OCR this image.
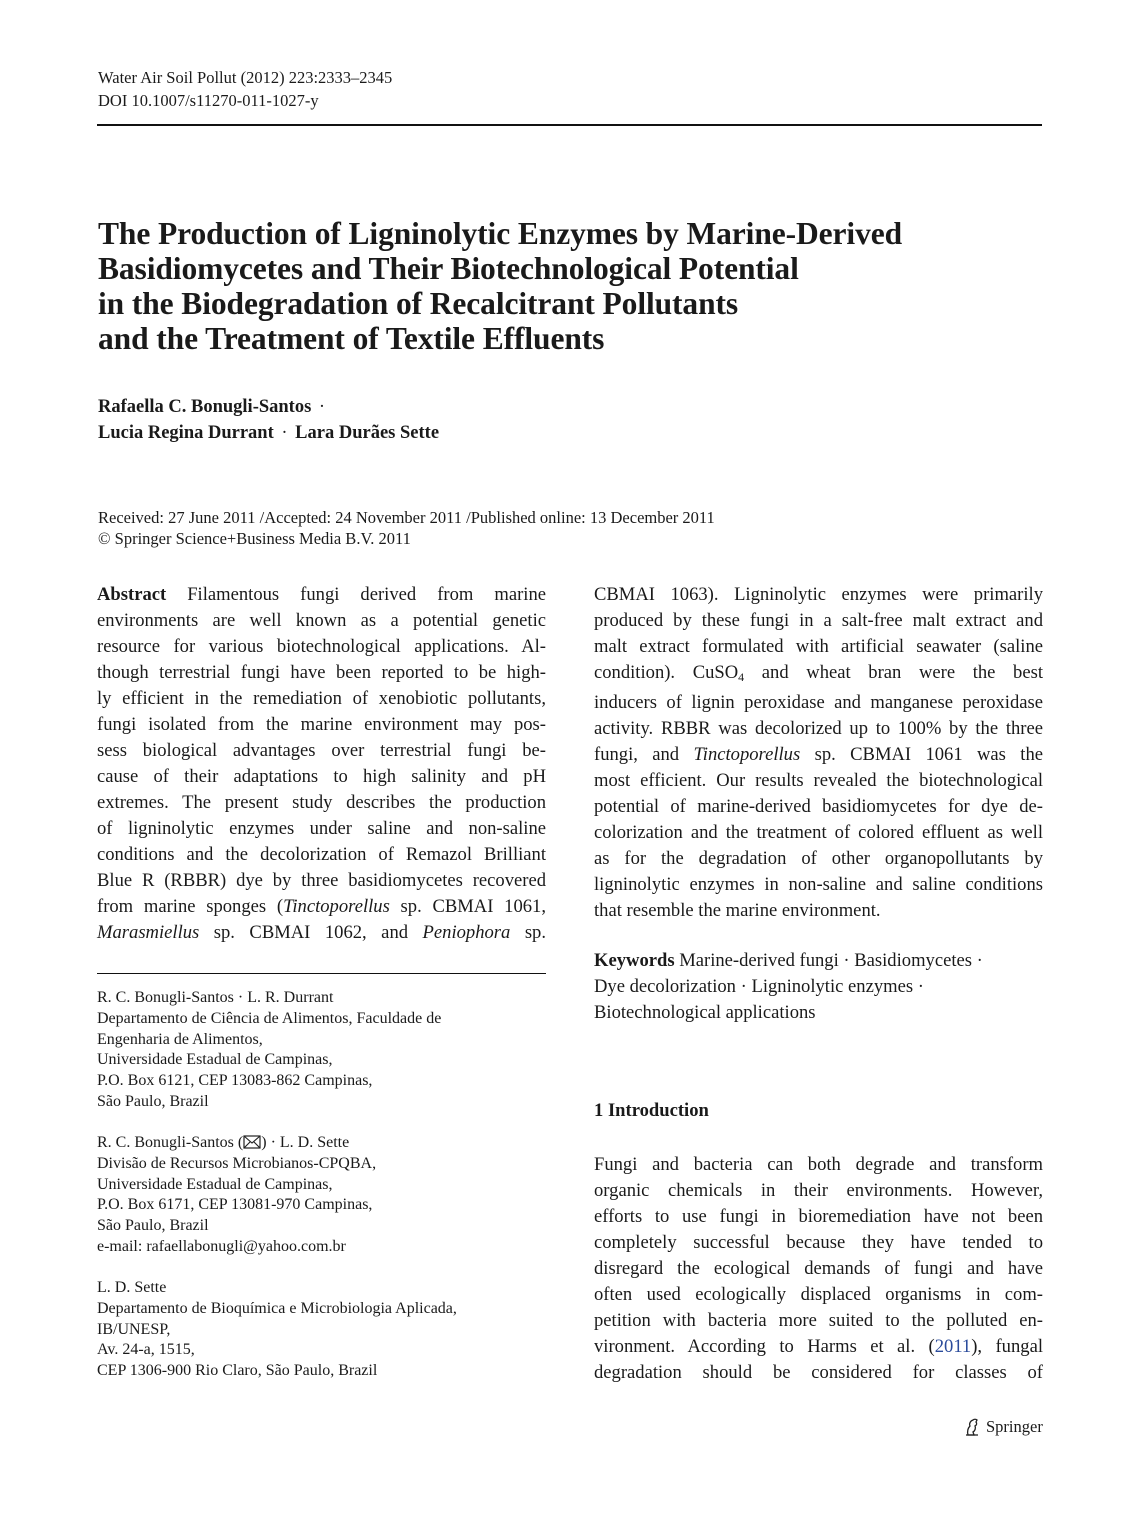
Water Air Soil Pollut (2012) 223:2333–2345
DOI 10.1007/s11270-011-1027-y
The Production of Ligninolytic Enzymes by Marine-Derived
Basidiomycetes and Their Biotechnological Potential
in the Biodegradation of Recalcitrant Pollutants
and the Treatment of Textile Effluents
Rafaella C. Bonugli-Santos ·
Lucia Regina Durrant · Lara Durães Sette
Received: 27 June 2011 /Accepted: 24 November 2011 /Published online: 13 December 2011
© Springer Science+Business Media B.V. 2011

Abstract Filamentous fungi derived from marine
environments are well known as a potential genetic
resource for various biotechnological applications. Al-
though terrestrial fungi have been reported to be high-
ly efficient in the remediation of xenobiotic pollutants,
fungi isolated from the marine environment may pos-
sess biological advantages over terrestrial fungi be-
cause of their adaptations to high salinity and pH
extremes. The present study describes the production
of ligninolytic enzymes under saline and non-saline
conditions and the decolorization of Remazol Brilliant
Blue R (RBBR) dye by three basidiomycetes recovered
from marine sponges (Tinctoporellus sp. CBMAI 1061,
Marasmiellus sp. CBMAI 1062, and Peniophora sp.

R. C. Bonugli-Santos · L. R. Durrant
Departamento de Ciência de Alimentos, Faculdade de
Engenharia de Alimentos,
Universidade Estadual de Campinas,
P.O. Box 6121, CEP 13083-862 Campinas,
São Paulo, Brazil
R. C. Bonugli-Santos ( ) · L. D. Sette
Divisão de Recursos Microbianos-CPQBA,
Universidade Estadual de Campinas,
P.O. Box 6171, CEP 13081-970 Campinas,
São Paulo, Brazil
e-mail: rafaellabonugli@yahoo.com.br
L. D. Sette
Departamento de Bioquímica e Microbiologia Aplicada,
IB/UNESP,
Av. 24-a, 1515,
CEP 1306-900 Rio Claro, São Paulo, Brazil

CBMAI 1063). Ligninolytic enzymes were primarily
produced by these fungi in a salt-free malt extract and
malt extract formulated with artificial seawater (saline
condition). CuSO$_4$ and wheat bran were the best
inducers of lignin peroxidase and manganese peroxidase
activity. RBBR was decolorized up to 100% by the three
fungi, and Tinctoporellus sp. CBMAI 1061 was the
most efficient. Our results revealed the biotechnological
potential of marine-derived basidiomycetes for dye de-
colorization and the treatment of colored effluent as well
as for the degradation of other organopollutants by
ligninolytic enzymes in non-saline and saline conditions
that resemble the marine environment.

Keywords Marine-derived fungi · Basidiomycetes ·
Dye decolorization · Ligninolytic enzymes ·
Biotechnological applications

1 Introduction

Fungi and bacteria can both degrade and transform
organic chemicals in their environments. However,
efforts to use fungi in bioremediation have not been
completely successful because they have tended to
disregard the ecological demands of fungi and have
often used ecologically displaced organisms in com-
petition with bacteria more suited to the polluted en-
vironment. According to Harms et al. (2011), fungal
degradation should be considered for classes of

Springer
